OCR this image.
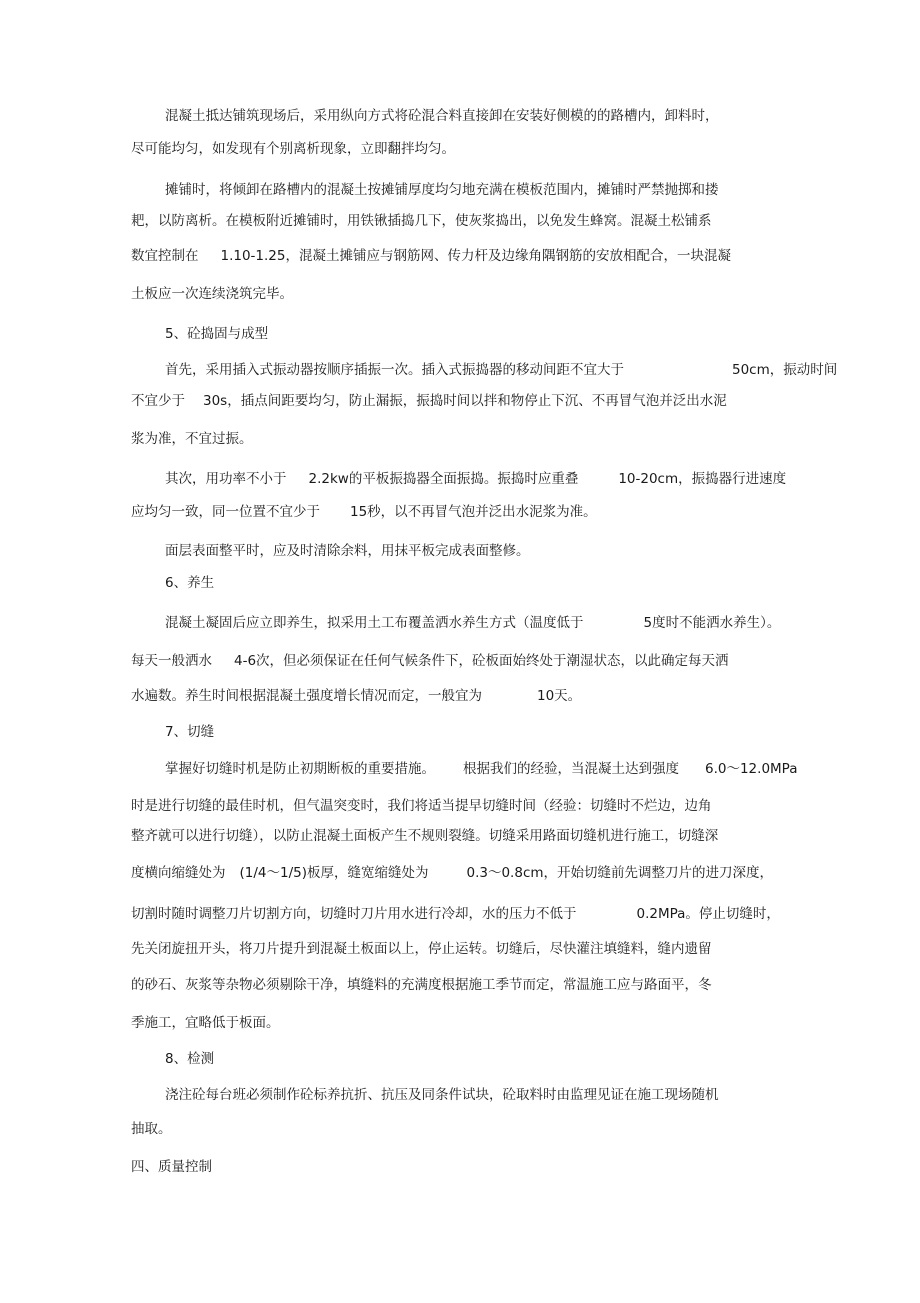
混凝土抵达铺筑现场后，采用纵向方式将砼混合料直接卸在安装好侧模的的路槽内，卸料时，
尽可能均匀，如发现有个别离析现象，立即翻拌均匀。
摊铺时，将倾卸在路槽内的混凝土按摊铺厚度均匀地充满在模板范围内，摊铺时严禁抛掷和搂
耙，以防离析。在模板附近摊铺时，用铁锹插捣几下，使灰浆捣出，以免发生蜂窝。混凝土松铺系
数宜控制在 1.10-1.25，混凝土摊铺应与钢筋网、传力杆及边缘角隅钢筋的安放相配合，一块混凝
土板应一次连续浇筑完毕。
5、砼捣固与成型
首先，采用插入式振动器按顺序插振一次。插入式振捣器的移动间距不宜大于	50cm，振动时间
不宜少于 30s，插点间距要均匀，防止漏振，振捣时间以拌和物停止下沉、不再冒气泡并泛出水泥
浆为准，不宜过振。
其次，用功率不小于 2.2kw的平板振捣器全面振捣。振捣时应重叠	10-20cm，振捣器行进速度
应均匀一致，同一位置不宜少于 15秒，以不再冒气泡并泛出水泥浆为准。
面层表面整平时，应及时清除余料，用抹平板完成表面整修。
6、养生
混凝土凝固后应立即养生，拟采用土工布覆盖洒水养生方式（温度低于	5度时不能洒水养生）。
每天一般洒水 4-6次，但必须保证在任何气候条件下，砼板面始终处于潮湿状态，以此确定每天洒
水遍数。养生时间根据混凝土强度增长情况而定，一般宜为	10天。
7、切缝
掌握好切缝时机是防止初期断板的重要措施。 根据我们的经验，当混凝土达到强度 6.0～12.0MPa
时是进行切缝的最佳时机，但气温突变时，我们将适当提早切缝时间（经验：切缝时不烂边，边角
整齐就可以进行切缝），以防止混凝土面板产生不规则裂缝。切缝采用路面切缝机进行施工，切缝深
度横向缩缝处为 (1/4～1/5)板厚，缝宽缩缝处为	0.3～0.8cm，开始切缝前先调整刀片的进刀深度，
切割时随时调整刀片切割方向，切缝时刀片用水进行冷却，水的压力不低于	0.2MPa。停止切缝时，
先关闭旋扭开头，将刀片提升到混凝土板面以上，停止运转。切缝后，尽快灌注填缝料，缝内遗留
的砂石、灰浆等杂物必须剔除干净，填缝料的充满度根据施工季节而定，常温施工应与路面平，冬
季施工，宜略低于板面。
8、检测
浇注砼每台班必须制作砼标养抗折、抗压及同条件试块，砼取料时由监理见证在施工现场随机
抽取。
四、质量控制
